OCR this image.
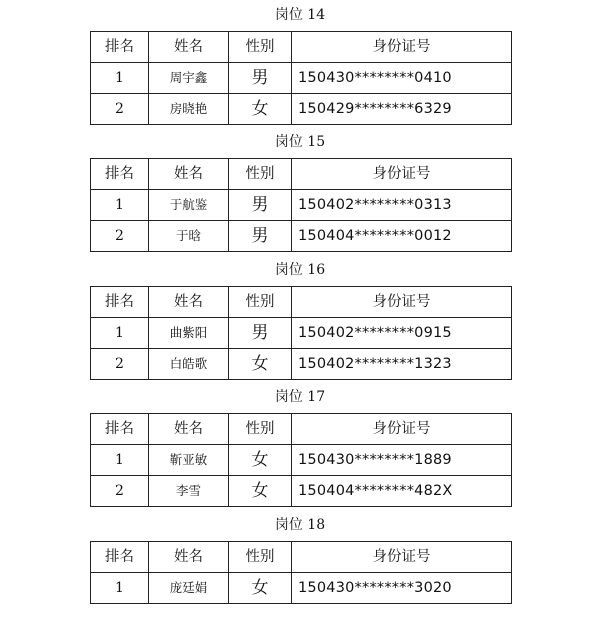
岗位 14
排名	姓名	性别	身份证号
1	周宇鑫	男	150430********0410
2	房晓艳	女	150429********6329
岗位 15
排名	姓名	性别	身份证号
1	于航鉴	男	150402********0313
2	于晗	男	150404********0012
岗位 16
排名	姓名	性别	身份证号
1	曲紫阳	男	150402********0915
2	白皓歌	女	150402********1323
岗位 17
排名	姓名	性别	身份证号
1	靳亚敏	女	150430********1889
2	李雪	女	150404********482X
岗位 18
排名	姓名	性别	身份证号
1	庞廷娟	女	150430********3020
